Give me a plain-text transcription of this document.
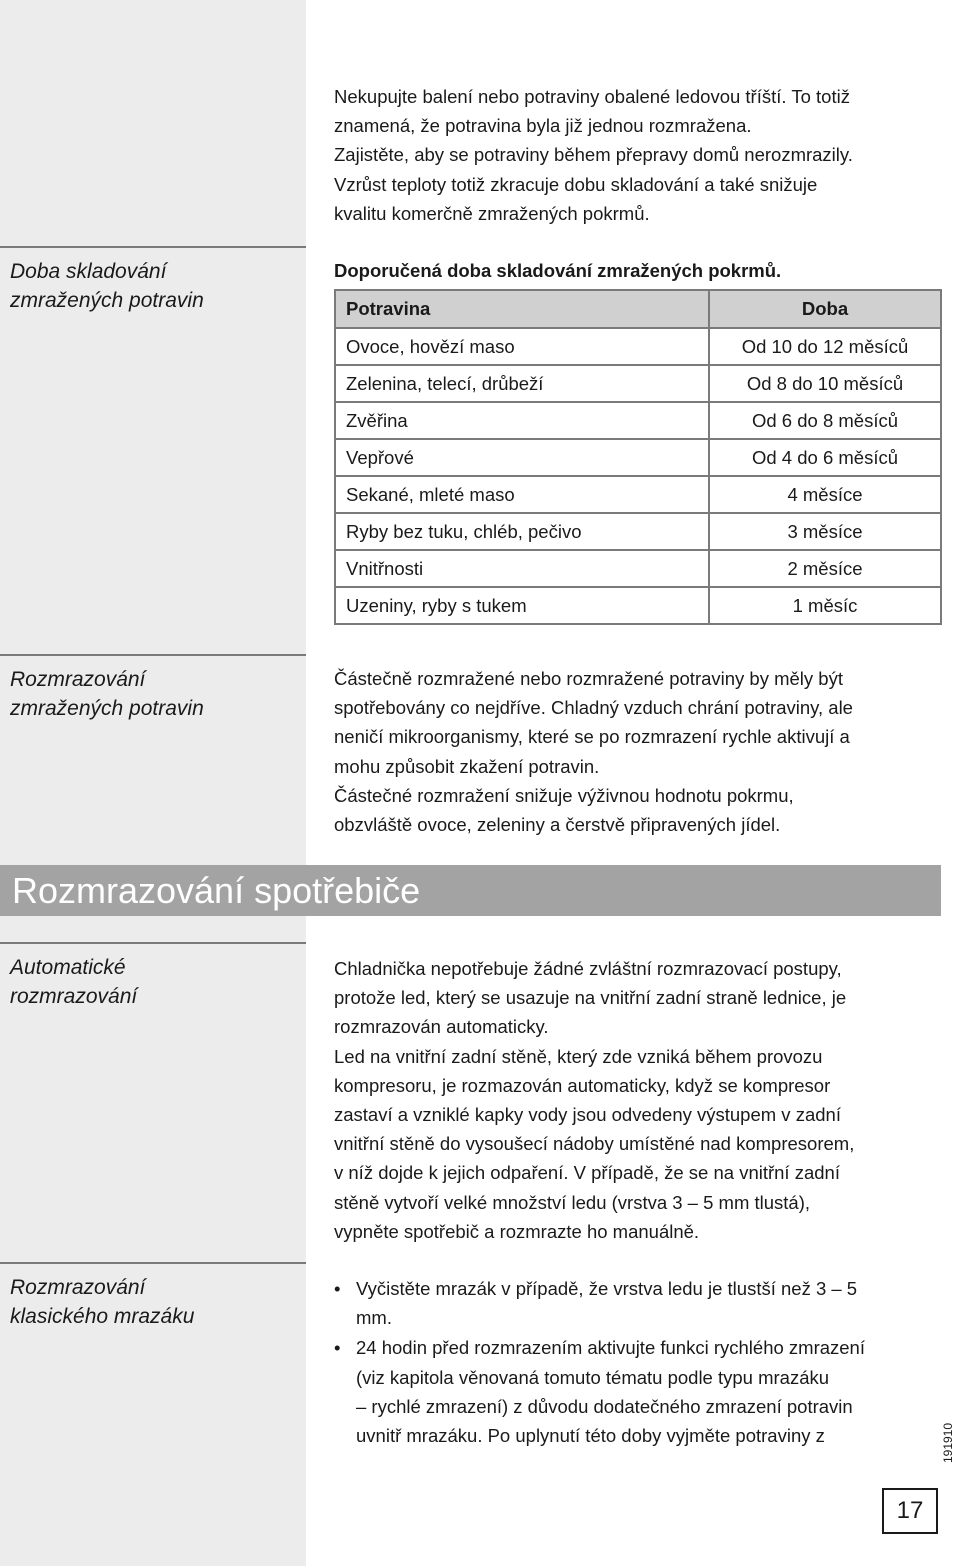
Nekupujte balení nebo potraviny obalené ledovou tříští. To totiž

znamená, že potravina byla již jednou rozmražena.

Zajistěte, aby se potraviny během přepravy domů nerozmrazily.

Vzrůst teploty totiž zkracuje dobu skladování a také snižuje

kvalitu komerčně zmražených pokrmů.

Doba skladování
zmražených potravin
Doporučená doba skladování zmražených pokrmů.
Potravina	Doba
Ovoce, hovězí maso	Od 10 do 12 měsíců
Zelenina, telecí, drůbeží	Od 8 do 10 měsíců
Zvěřina	Od 6 do 8 měsíců
Vepřové	Od 4 do 6 měsíců
Sekané, mleté maso	4 měsíce
Ryby bez tuku, chléb, pečivo	3 měsíce
Vnitřnosti	2 měsíce
Uzeniny, ryby s tukem	1 měsíc
Rozmrazování
zmražených potravin

Částečně rozmražené nebo rozmražené potraviny by měly být

spotřebovány co nejdříve. Chladný vzduch chrání potraviny, ale

neničí mikroorganismy, které se po rozmrazení rychle aktivují a

mohu způsobit zkažení potravin.

Částečné rozmražení snižuje výživnou hodnotu pokrmu,

obzvláště ovoce, zeleniny a čerstvě připravených jídel.

Rozmrazování spotřebiče
Automatické
rozmrazování

Chladnička nepotřebuje žádné zvláštní rozmrazovací postupy,

protože led, který se usazuje na vnitřní zadní straně lednice, je

rozmrazován automaticky.

Led na vnitřní zadní stěně, který zde vzniká během provozu

kompresoru, je rozmazován automaticky, když se kompresor

zastaví a vzniklé kapky vody jsou odvedeny výstupem v zadní

vnitřní stěně do vysoušecí nádoby umístěné nad kompresorem,

v níž dojde k jejich odpaření. V případě, že se na vnitřní zadní

stěně vytvoří velké množství ledu (vrstva 3 – 5 mm tlustá),

vypněte spotřebič a rozmrazte ho manuálně.

Rozmrazování
klasického mrazáku
• Vyčistěte mrazák v případě, že vrstva ledu je tlustší než 3 – 5
mm.
• 24 hodin před rozmrazením aktivujte funkci rychlého zmrazení
(viz kapitola věnovaná tomuto tématu podle typu mrazáku
– rychlé zmrazení) z důvodu dodatečného zmrazení potravin
uvnitř mrazáku. Po uplynutí této doby vyjměte potraviny z	191910
17
